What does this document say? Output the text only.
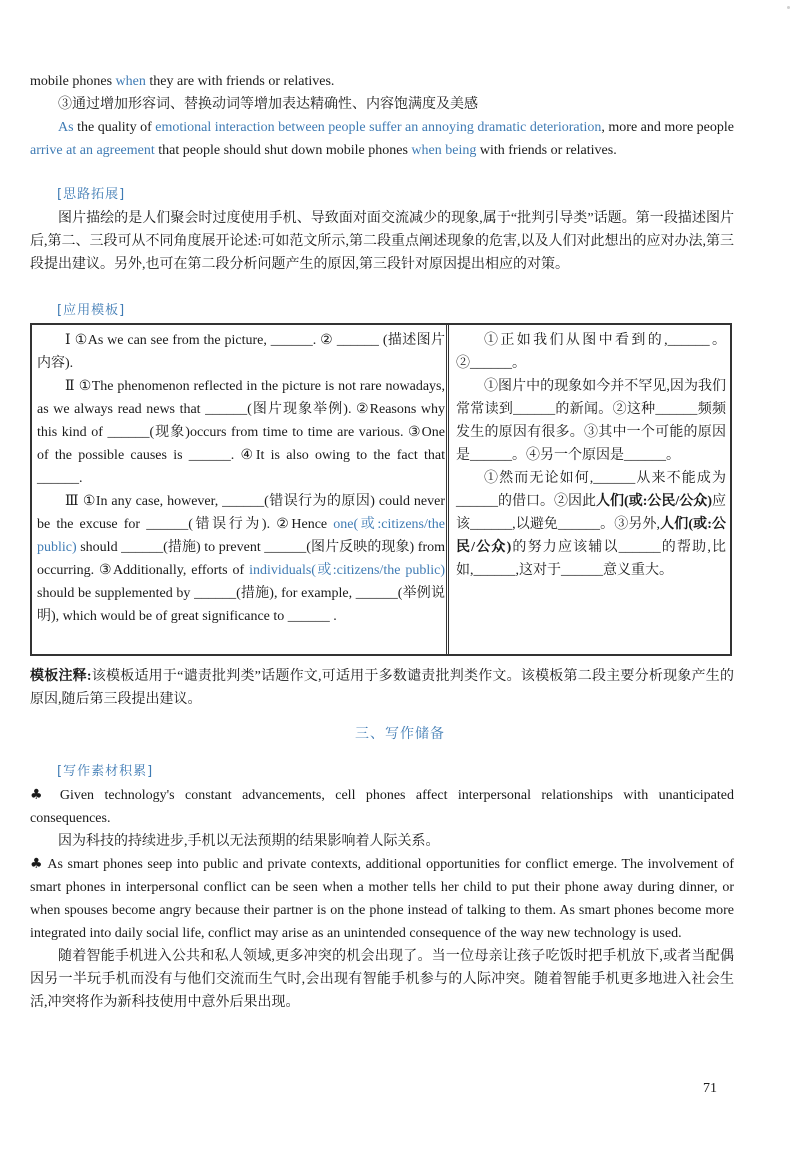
mobile phones when they are with friends or relatives.
③通过增加形容词、替换动词等增加表达精确性、内容饱满度及美感
As the quality of emotional interaction between people suffer an annoying dramatic deterioration, more and more people arrive at an agreement that people should shut down mobile phones when being with friends or relatives.
[思路拓展]
图片描绘的是人们聚会时过度使用手机、导致面对面交流减少的现象,属于“批判引导类”话题。第一段描述图片后,第二、三段可从不同角度展开论述:可如范文所示,第二段重点阐述现象的危害,以及人们对此想出的应对办法,第三段提出建议。另外,也可在第二段分析问题产生的原因,第三段针对原因提出相应的对策。
[应用模板]

Ⅰ ①As we can see from the picture, ______. ② ______ (描述图片内容).

Ⅱ ①The phenomenon reflected in the picture is not rare nowadays, as we always read news that ______(图片现象举例). ②Reasons why this kind of ______(现象)occurs from time to time are various. ③One of the possible causes is ______. ④It is also owing to the fact that ______.

Ⅲ ①In any case, however, ______(错误行为的原因) could never be the excuse for ______(错误行为). ②Hence one(或:citizens/the public) should ______(措施) to prevent ______(图片反映的现象) from occurring. ③Additionally, efforts of individuals(或:citizens/the public) should be supplemented by ______(措施), for example, ______(举例说明), which would be of great significance to ______ .

①正如我们从图中看到的,______。②______。

①图片中的现象如今并不罕见,因为我们常常读到______的新闻。②这种______频频发生的原因有很多。③其中一个可能的原因是______。④另一个原因是______。

①然而无论如何,______从来不能成为______的借口。②因此人们(或:公民/公众)应该______,以避免______。③另外,人们(或:公民/公众)的努力应该辅以______的帮助,比如,______,这对于______意义重大。

模板注释:该模板适用于“谴责批判类”话题作文,可适用于多数谴责批判类作文。该模板第二段主要分析现象产生的原因,随后第三段提出建议。
三、写作储备
[写作素材积累]

♣ Given technology's constant advancements, cell phones affect interpersonal relationships with unanticipated consequences.

因为科技的持续进步,手机以无法预期的结果影响着人际关系。

♣ As smart phones seep into public and private contexts, additional opportunities for conflict emerge. The involvement of smart phones in interpersonal conflict can be seen when a mother tells her child to put their phone away during dinner, or when spouses become angry because their partner is on the phone instead of talking to them. As smart phones become more integrated into daily social life, conflict may arise as an unintended consequence of the way new technology is used.

随着智能手机进入公共和私人领域,更多冲突的机会出现了。当一位母亲让孩子吃饭时把手机放下,或者当配偶因另一半玩手机而没有与他们交流而生气时,会出现有智能手机参与的人际冲突。随着智能手机更多地进入社会生活,冲突将作为新科技使用中意外后果出现。

71
